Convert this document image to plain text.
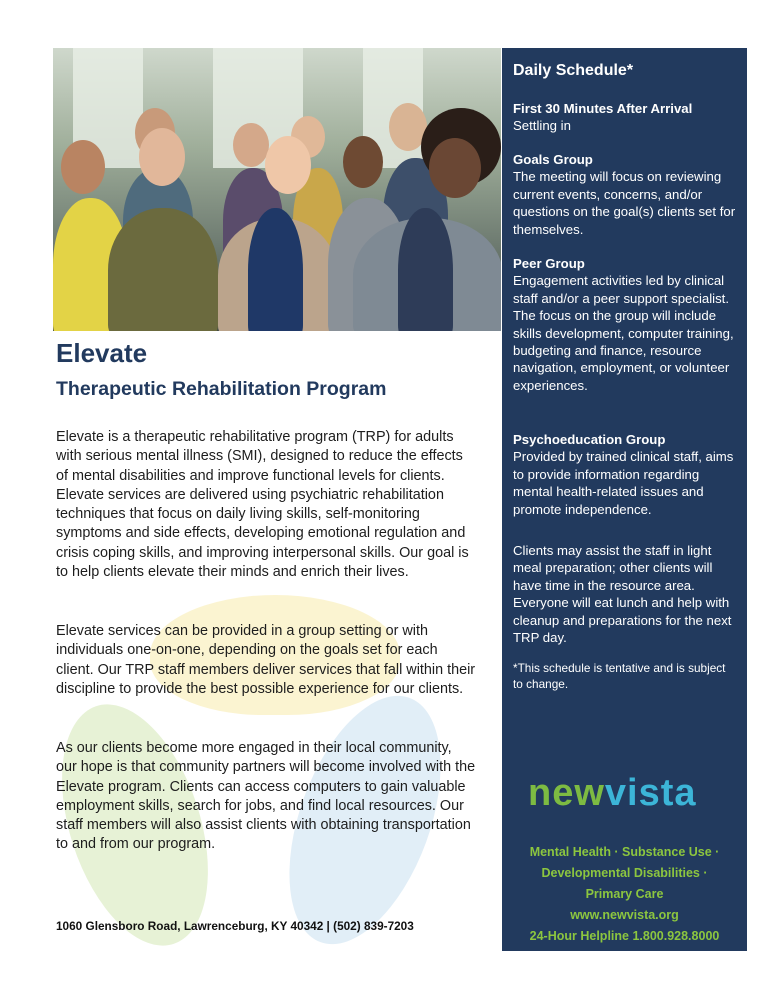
Elevate
Therapeutic Rehabilitation Program
Elevate is a therapeutic rehabilitative program (TRP) for adults with serious mental illness (SMI), designed to reduce the effects of mental disabilities and improve functional levels for clients. Elevate services are delivered using psychiatric rehabilitation techniques that focus on daily living skills, self-monitoring symptoms and side effects, developing emotional regulation and crisis coping skills, and improving interpersonal skills. Our goal is to help clients elevate their minds and enrich their lives.
Elevate services can be provided in a group setting or with individuals one-on-one, depending on the goals set for each client. Our TRP staff members deliver services that fall within their discipline to provide the best possible experience for our clients.
As our clients become more engaged in their local community, our hope is that community partners will become involved with the Elevate program. Clients can access computers to gain valuable employment skills, search for jobs, and find local resources. Our staff members will also assist clients with obtaining transportation to and from our program.
1060 Glensboro Road, Lawrenceburg, KY 40342 | (502) 839-7203
Daily Schedule*
First 30 Minutes After Arrival
Settling in
Goals Group
The meeting will focus on reviewing current events, concerns, and/or questions on the goal(s) clients set for themselves.
Peer Group
Engagement activities led by clinical staff and/or a peer support specialist. The focus on the group will include skills development, computer training, budgeting and finance, resource navigation, employment, or volunteer experiences.
Psychoeducation Group
Provided by trained clinical staff, aims to provide information regarding mental health-related issues and promote independence.
Clients may assist the staff in light meal preparation; other clients will have time in the resource area. Everyone will eat lunch and help with cleanup and preparations for the next TRP day.
*This schedule is tentative and is subject to change.
newvista
Mental Health · Substance Use ·
Developmental Disabilities ·
Primary Care
www.newvista.org
24-Hour Helpline 1.800.928.8000
